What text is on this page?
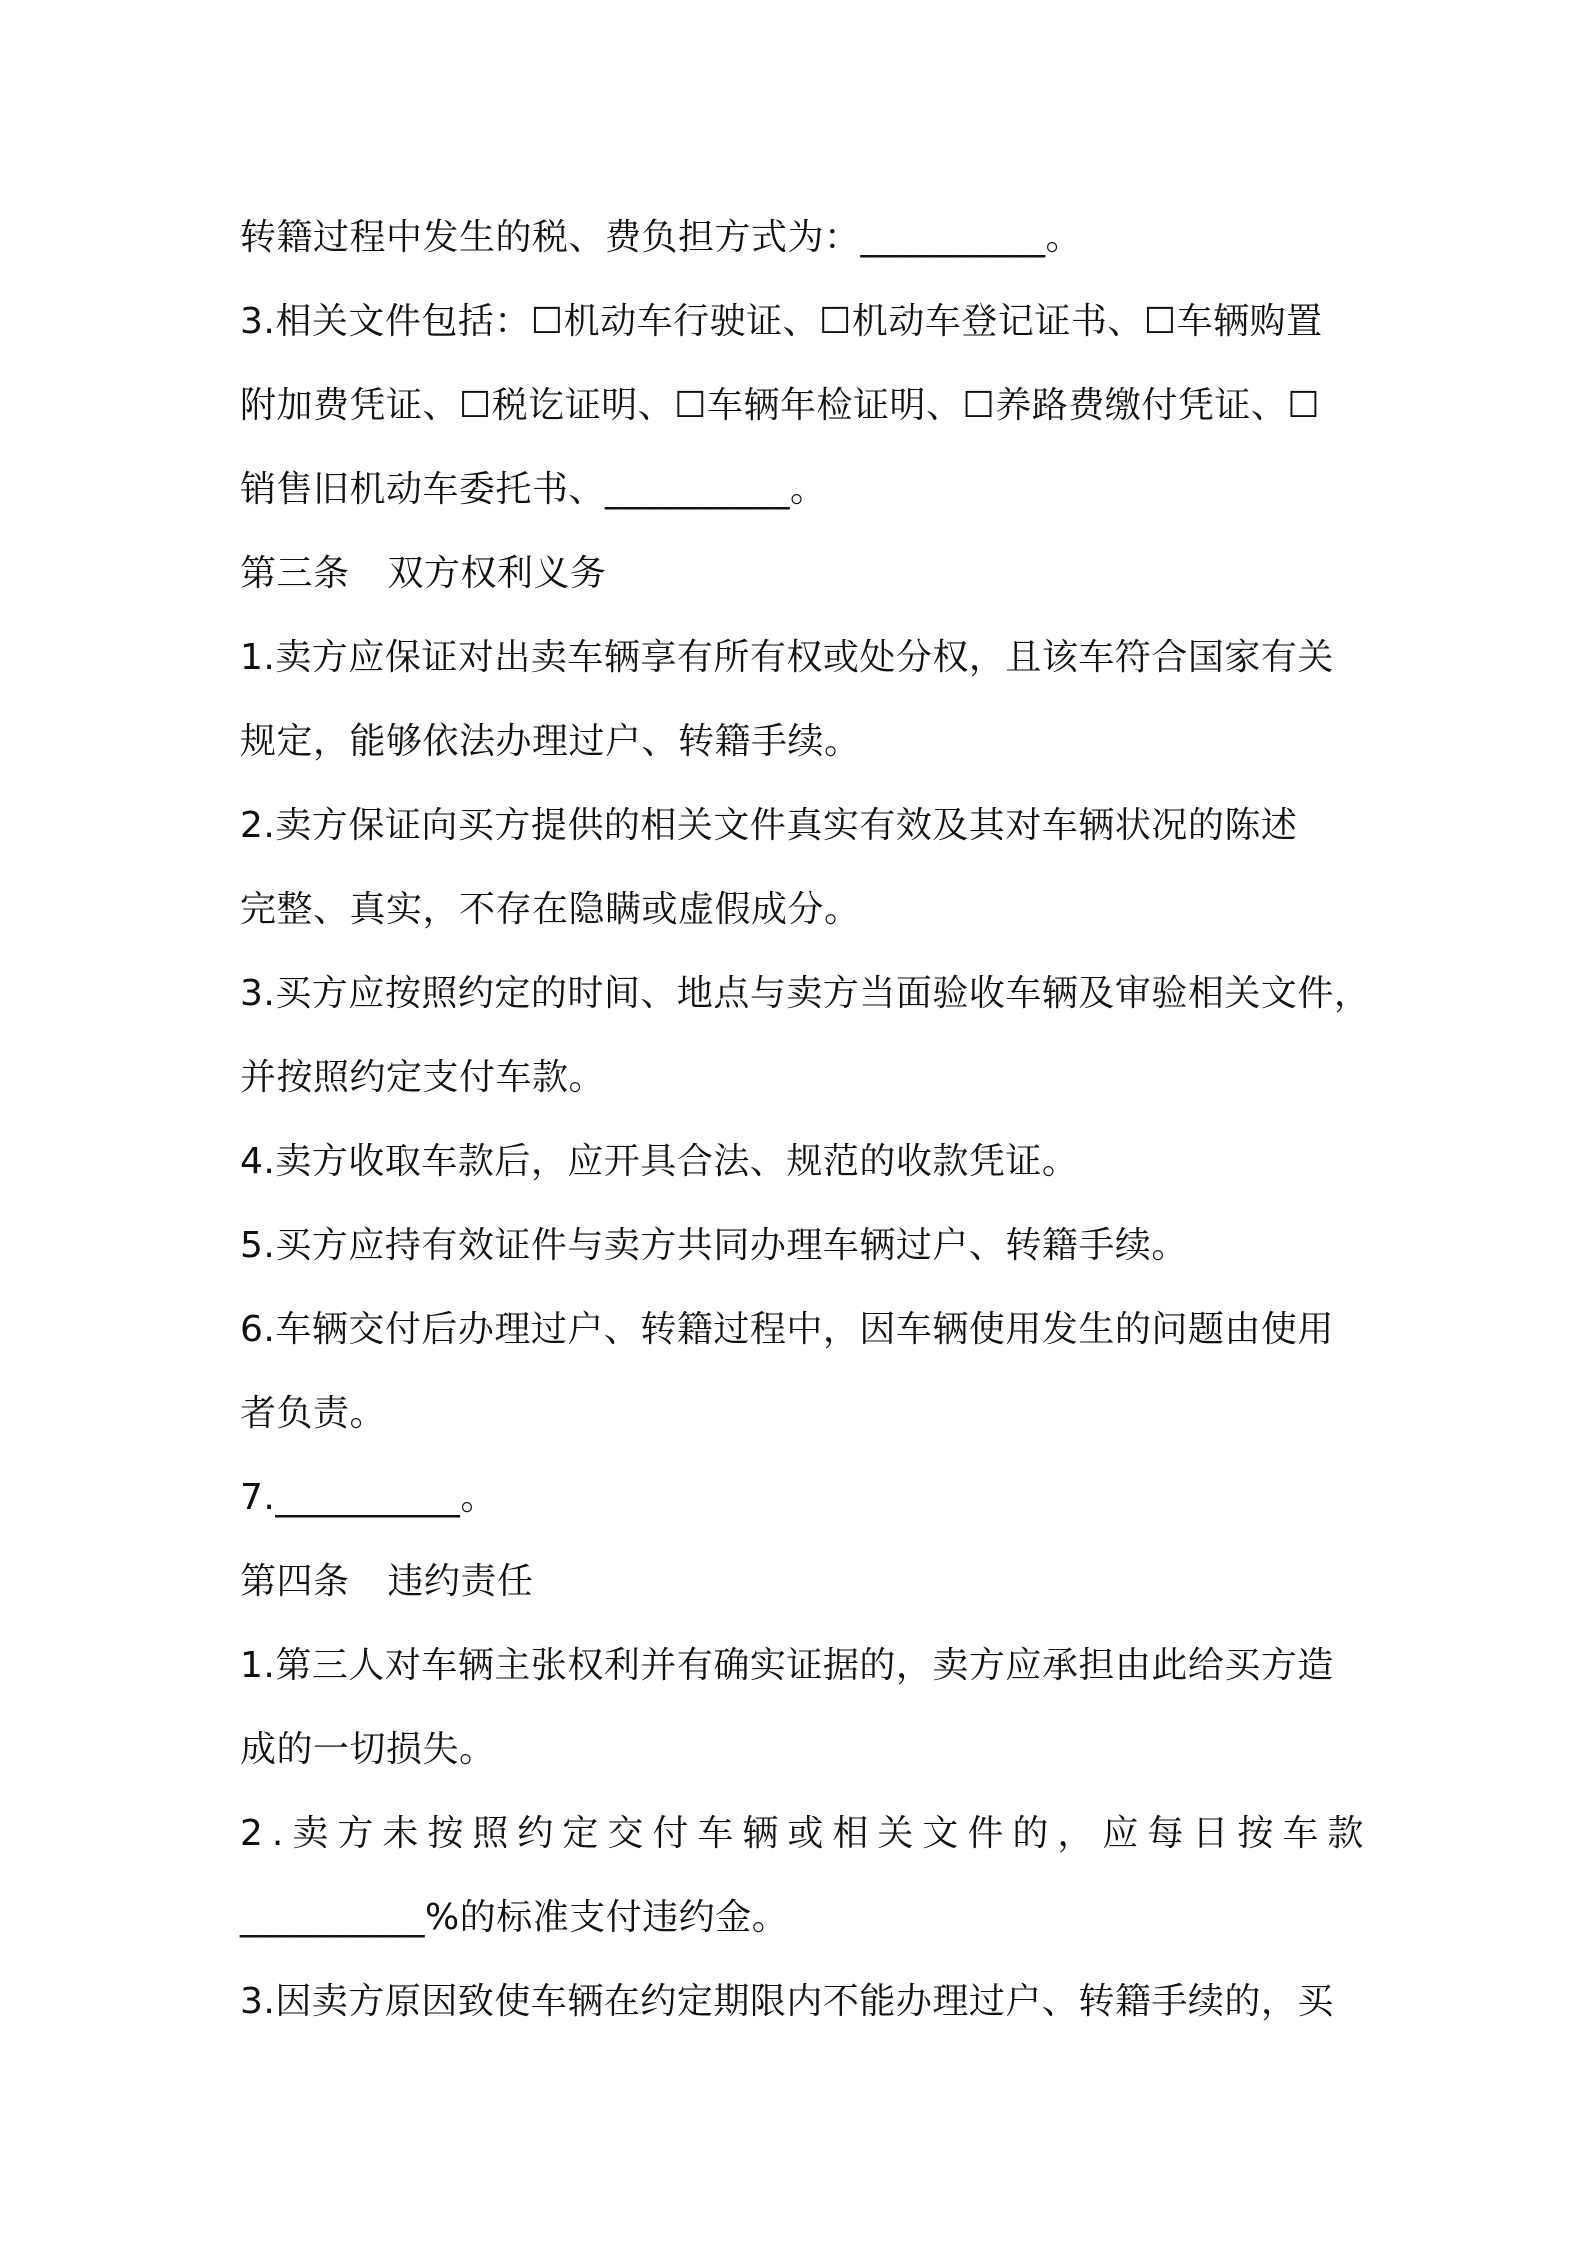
转籍过程中发生的税、费负担方式为：__________。
3.相关文件包括：☐机动车行驶证、☐机动车登记证书、☐车辆购置
附加费凭证、☐税讫证明、☐车辆年检证明、☐养路费缴付凭证、☐
销售旧机动车委托书、__________。
第三条 双方权利义务
1.卖方应保证对出卖车辆享有所有权或处分权，且该车符合国家有关
规定，能够依法办理过户、转籍手续。
2.卖方保证向买方提供的相关文件真实有效及其对车辆状况的陈述
完整、真实，不存在隐瞒或虚假成分。
3.买方应按照约定的时间、地点与卖方当面验收车辆及审验相关文件，
并按照约定支付车款。
4.卖方收取车款后，应开具合法、规范的收款凭证。
5.买方应持有效证件与卖方共同办理车辆过户、转籍手续。
6.车辆交付后办理过户、转籍过程中，因车辆使用发生的问题由使用
者负责。
7.__________。
第四条 违约责任
1.第三人对车辆主张权利并有确实证据的，卖方应承担由此给买方造
成的一切损失。
2.卖方未按照约定交付车辆或相关文件的，应每日按车款
__________%的标准支付违约金。
3.因卖方原因致使车辆在约定期限内不能办理过户、转籍手续的，买
